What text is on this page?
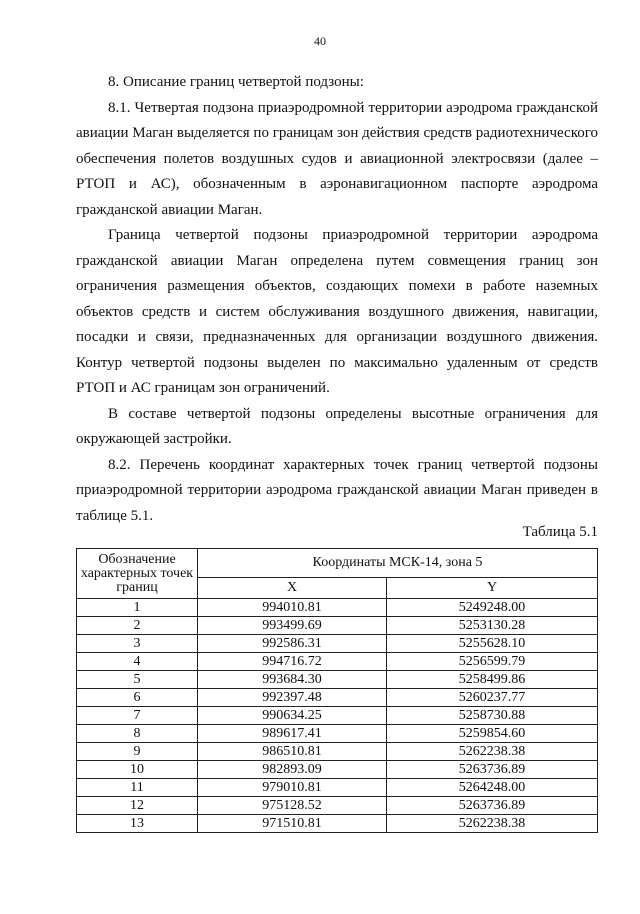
40

8. Описание границ четвертой подзоны:

8.1. Четвертая подзона приаэродромной территории аэродрома гражданской авиации Маган выделяется по границам зон действия средств радиотехнического обеспечения полетов воздушных судов и авиационной электросвязи (далее – РТОП и АС), обозначенным в аэронавигационном паспорте аэродрома гражданской авиации Маган.

Граница четвертой подзоны приаэродромной территории аэродрома гражданской авиации Маган определена путем совмещения границ зон ограничения размещения объектов, создающих помехи в работе наземных объектов средств и систем обслуживания воздушного движения, навигации, посадки и связи, предназначенных для организации воздушного движения. Контур четвертой подзоны выделен по максимально удаленным от средств РТОП и АС границам зон ограничений.

В составе четвертой подзоны определены высотные ограничения для окружающей застройки.

8.2. Перечень координат характерных точек границ четвертой подзоны приаэродромной территории аэродрома гражданской авиации Маган приведен в таблице 5.1.

Таблица 5.1
Обозначение характерных точек границ	Координаты МСК-14, зона 5	
	X	Y
1	994010.81	5249248.00
2	993499.69	5253130.28
3	992586.31	5255628.10
4	994716.72	5256599.79
5	993684.30	5258499.86
6	992397.48	5260237.77
7	990634.25	5258730.88
8	989617.41	5259854.60
9	986510.81	5262238.38
10	982893.09	5263736.89
11	979010.81	5264248.00
12	975128.52	5263736.89
13	971510.81	5262238.38
